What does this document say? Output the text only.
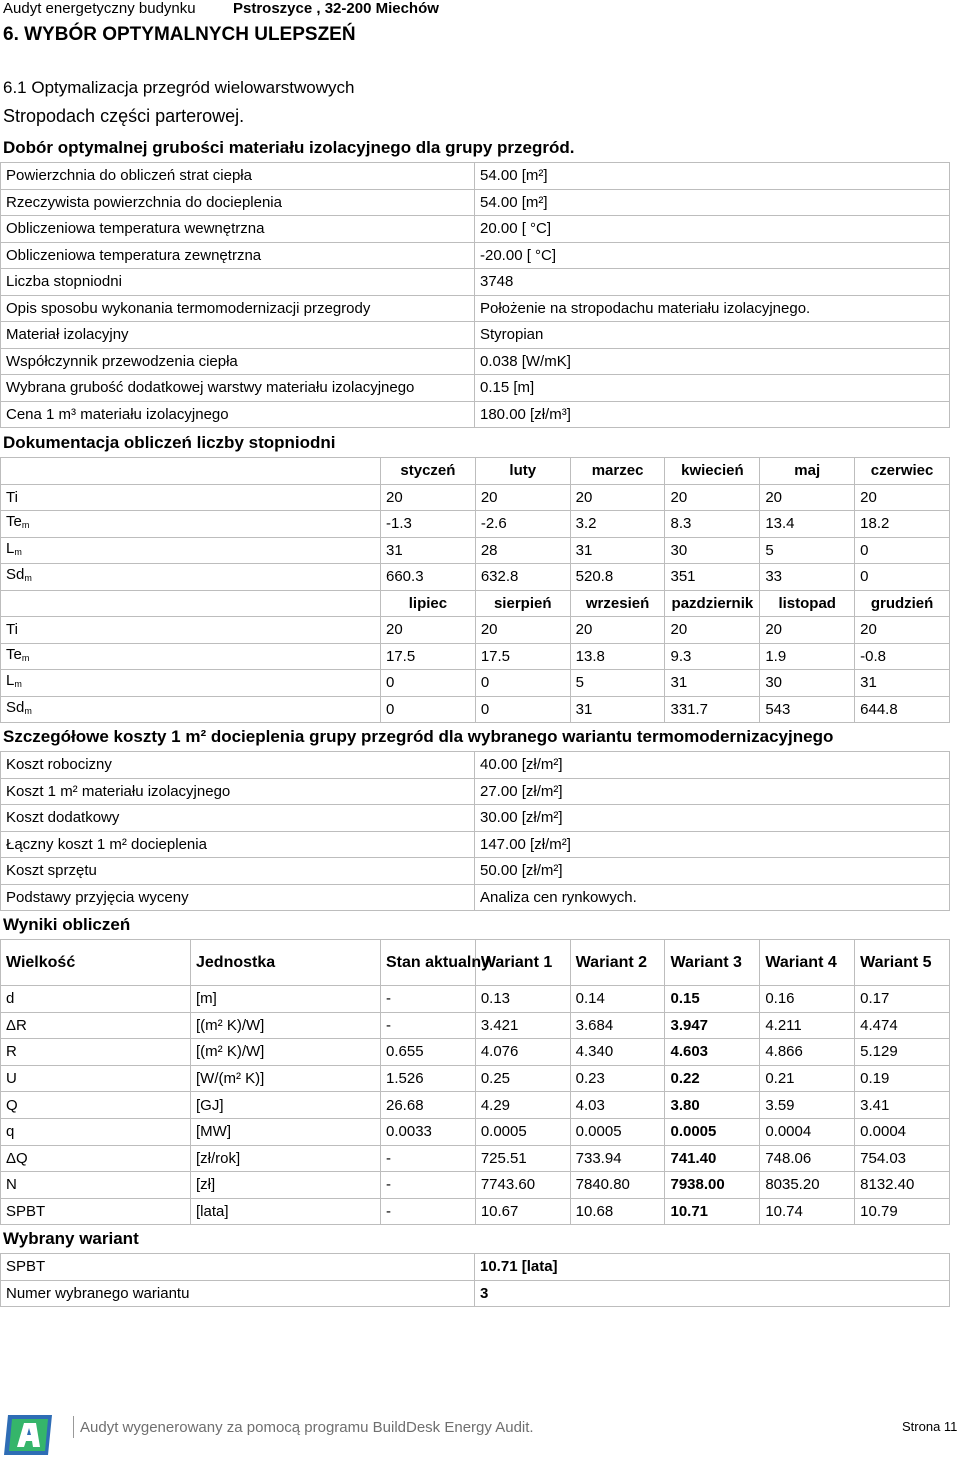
Audyt energetyczny budynku Pstroszyce , 32-200 Miechów
6. WYBÓR OPTYMALNYCH ULEPSZEŃ
6.1 Optymalizacja przegród wielowarstwowych
Stropodach części parterowej.
Dobór optymalnej grubości materiału izolacyjnego dla grupy przegród.
Powierzchnia do obliczeń strat ciepła	54.00 [m²]
Rzeczywista powierzchnia do docieplenia	54.00 [m²]
Obliczeniowa temperatura wewnętrzna	20.00 [ °C]
Obliczeniowa temperatura zewnętrzna	-20.00 [ °C]
Liczba stopniodni	3748
Opis sposobu wykonania termomodernizacji przegrody	Położenie na stropodachu materiału izolacyjnego.
Materiał izolacyjny	Styropian
Współczynnik przewodzenia ciepła	0.038 [W/mK]
Wybrana grubość dodatkowej warstwy materiału izolacyjnego	0.15 [m]
Cena 1 m³ materiału izolacyjnego	180.00 [zł/m³]
Dokumentacja obliczeń liczby stopniodni
	styczeń	luty	marzec	kwiecień	maj	czerwiec
Ti	20	20	20	20	20	20
$Te_m$	-1.3	-2.6	3.2	8.3	13.4	18.2
$L_m$	31	28	31	30	5	0
$Sd_m$	660.3	632.8	520.8	351	33	0
	lipiec	sierpień	wrzesień	pazdziernik	listopad	grudzień
Ti	20	20	20	20	20	20
$Te_m$	17.5	17.5	13.8	9.3	1.9	-0.8
$L_m$	0	0	5	31	30	31
$Sd_m$	0	0	31	331.7	543	644.8
Szczegółowe koszty 1 m² docieplenia grupy przegród dla wybranego wariantu termomodernizacyjnego
Koszt robocizny	40.00 [zł/m²]
Koszt 1 m² materiału izolacyjnego	27.00 [zł/m²]
Koszt dodatkowy	30.00 [zł/m²]
Łączny koszt 1 m² docieplenia	147.00 [zł/m²]
Koszt sprzętu	50.00 [zł/m²]
Podstawy przyjęcia wyceny	Analiza cen rynkowych.
Wyniki obliczeń
Wielkość	Jednostka	Stan aktualny	Wariant 1	Wariant 2	Wariant 3	Wariant 4	Wariant 5
d	[m]	-	0.13	0.14	0.15	0.16	0.17
ΔR	[(m² K)/W]	-	3.421	3.684	3.947	4.211	4.474
R	[(m² K)/W]	0.655	4.076	4.340	4.603	4.866	5.129
U	[W/(m² K)]	1.526	0.25	0.23	0.22	0.21	0.19
Q	[GJ]	26.68	4.29	4.03	3.80	3.59	3.41
q	[MW]	0.0033	0.0005	0.0005	0.0005	0.0004	0.0004
ΔQ	[zł/rok]	-	725.51	733.94	741.40	748.06	754.03
N	[zł]	-	7743.60	7840.80	7938.00	8035.20	8132.40
SPBT	[lata]	-	10.67	10.68	10.71	10.74	10.79
Wybrany wariant
SPBT	10.71 [lata]
Numer wybranego wariantu	3
Audyt wygenerowany za pomocą programu BuildDesk Energy Audit.	Strona 11
